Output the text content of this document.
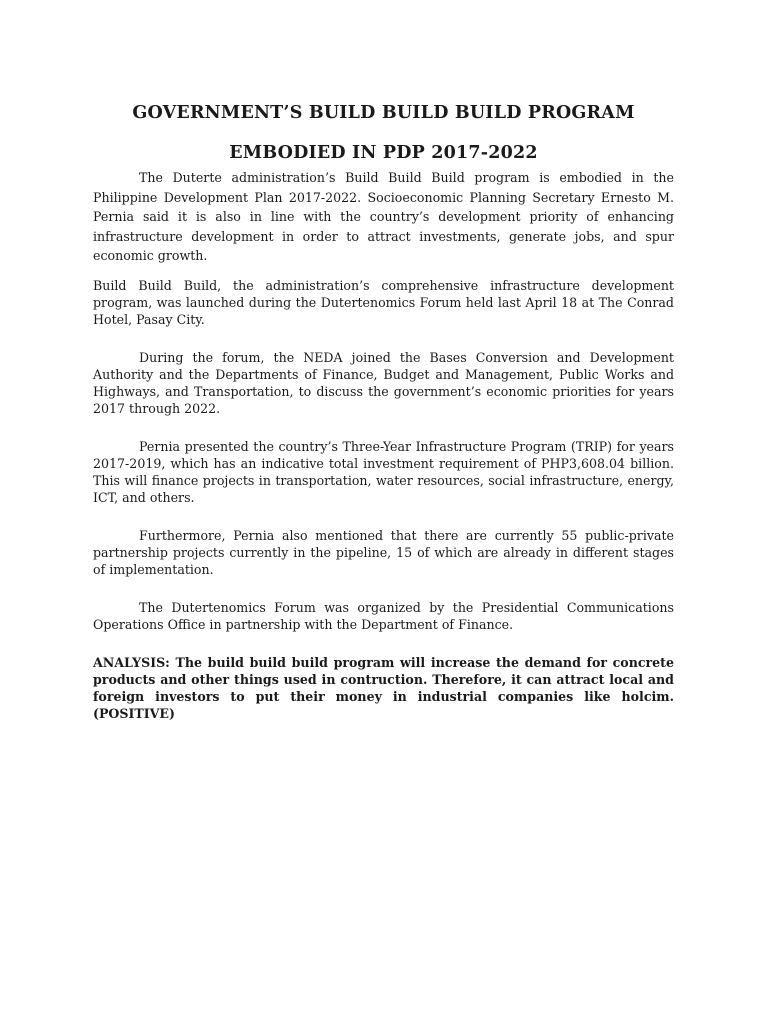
GOVERNMENT’S BUILD BUILD BUILD PROGRAM
EMBODIED IN PDP 2017-2022

The Duterte administration’s Build Build Build program is embodied in the Philippine Development Plan 2017-2022. Socioeconomic Planning Secretary Ernesto M. Pernia said it is also in line with the country’s development priority of enhancing infrastructure development in order to attract investments, generate jobs, and spur economic growth.

Build Build Build, the administration’s comprehensive infrastructure development program, was launched during the Dutertenomics Forum held last April 18 at The Conrad Hotel, Pasay City.

During the forum, the NEDA joined the Bases Conversion and Development Authority and the Departments of Finance, Budget and Management, Public Works and Highways, and Transportation, to discuss the government’s economic priorities for years 2017 through 2022.

Pernia presented the country’s Three-Year Infrastructure Program (TRIP) for years 2017-2019, which has an indicative total investment requirement of PHP3,608.04 billion. This will finance projects in transportation, water resources, social infrastructure, energy, ICT, and others.

Furthermore, Pernia also mentioned that there are currently 55 public-private partnership projects currently in the pipeline, 15 of which are already in different stages of implementation.

The Dutertenomics Forum was organized by the Presidential Communications Operations Office in partnership with the Department of Finance.

ANALYSIS: The build build build program will increase the demand for concrete products and other things used in contruction. Therefore, it can attract local and foreign investors to put their money in industrial companies like holcim. (POSITIVE)
